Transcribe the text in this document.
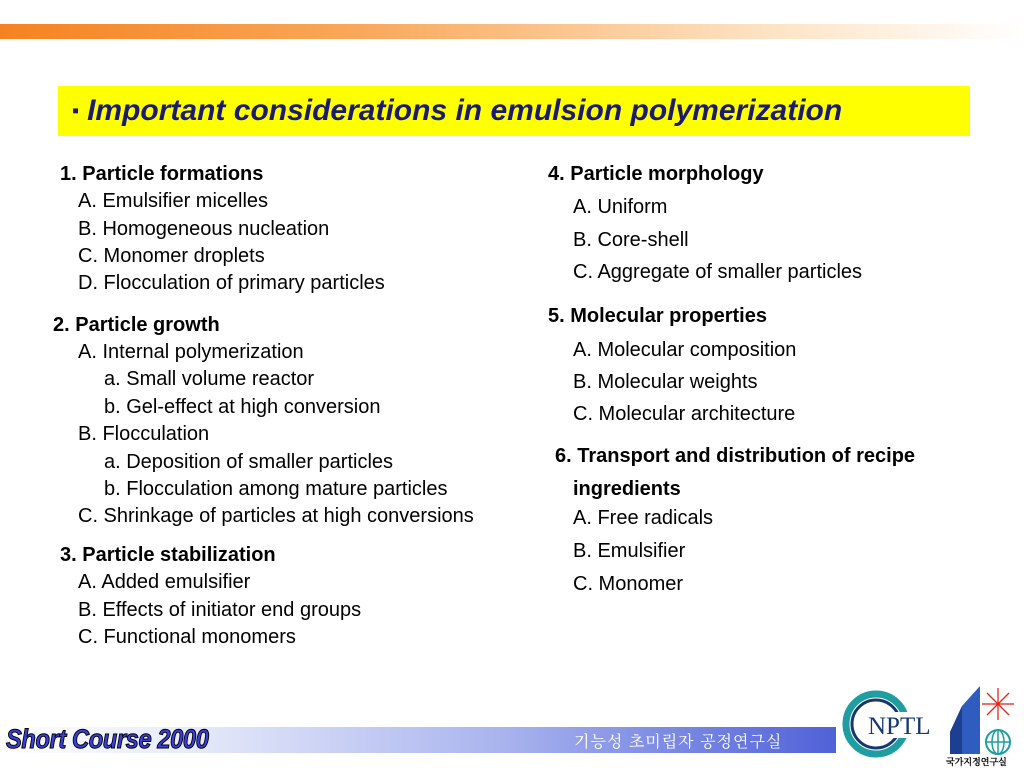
▪ Important considerations in emulsion polymerization
1. Particle formations
A. Emulsifier micelles
B. Homogeneous nucleation
C. Monomer droplets
D. Flocculation of primary particles
2. Particle growth
A. Internal polymerization
a. Small volume reactor
b. Gel-effect at high conversion
B. Flocculation
a. Deposition of smaller particles
b. Flocculation among mature particles
C. Shrinkage of particles at high conversions
3. Particle stabilization
A. Added emulsifier
B. Effects of initiator end groups
C. Functional monomers
4. Particle morphology
A. Uniform
B. Core-shell
C. Aggregate of smaller particles
5. Molecular properties
A. Molecular composition
B. Molecular weights
C. Molecular architecture
6. Transport and distribution of recipe
ingredients
A. Free radicals
B. Emulsifier
C. Monomer
Short Course 2000	기능성 초미립자 공정연구실
NPTL
국가지정연구실
